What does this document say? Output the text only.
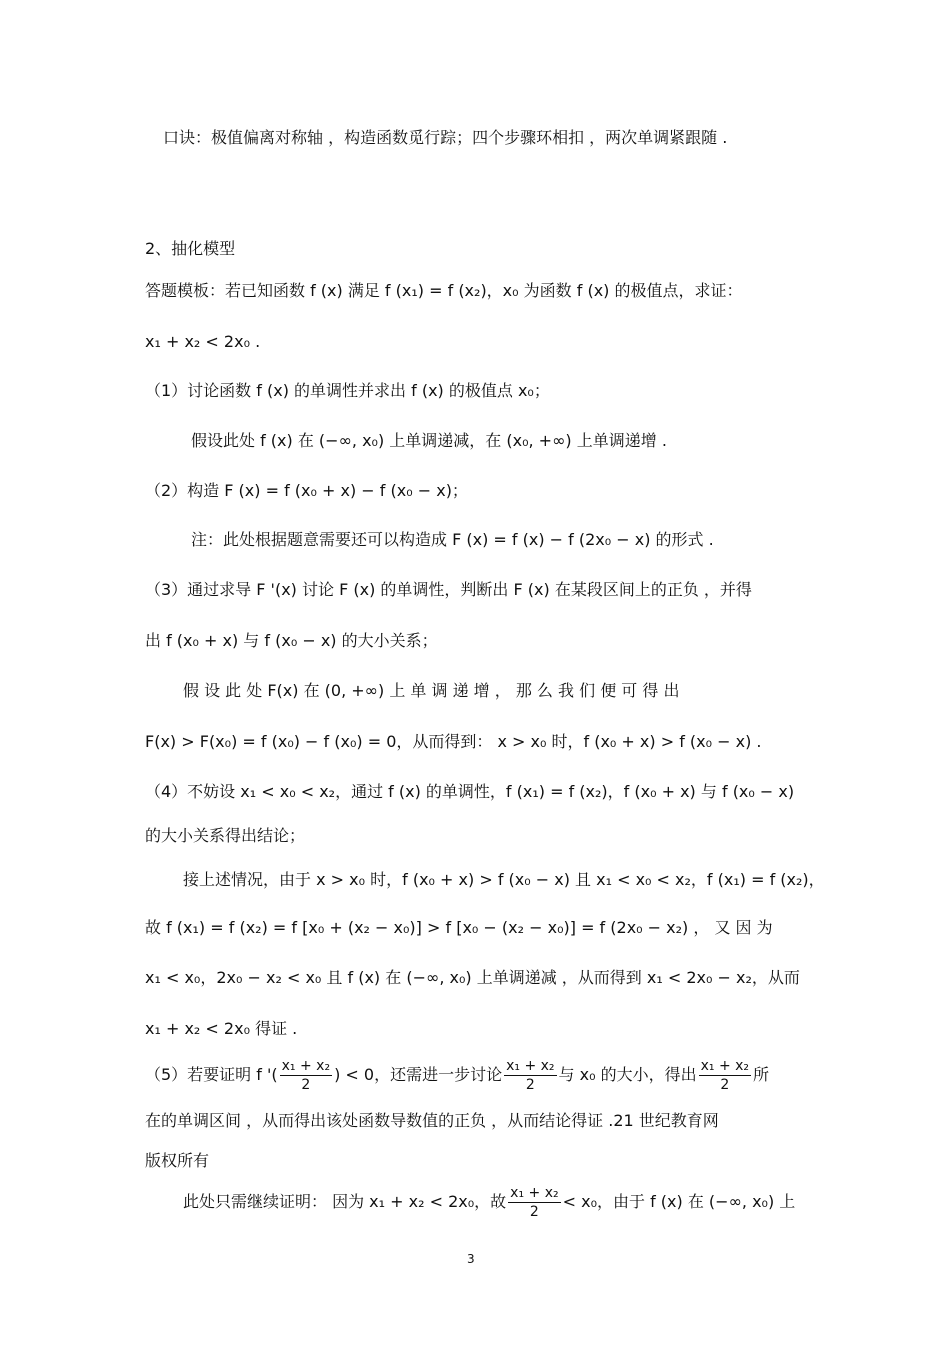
口诀：极值偏离对称轴 ，构造函数觅行踪；四个步骤环相扣 ，两次单调紧跟随 .
2、抽化模型
答题模板：若已知函数 f (x) 满足 f (x₁) = f (x₂)，x₀ 为函数 f (x) 的极值点，求证：
x₁ + x₂ < 2x₀ .
（1）讨论函数 f (x) 的单调性并求出 f (x) 的极值点 x₀；
假设此处 f (x) 在 (−∞, x₀) 上单调递减，在 (x₀, +∞) 上单调递增 .
（2）构造 F (x) = f (x₀ + x) − f (x₀ − x)；
注：此处根据题意需要还可以构造成 F (x) = f (x) − f (2x₀ − x) 的形式 .
（3）通过求导 F '(x) 讨论 F (x) 的单调性，判断出 F (x) 在某段区间上的正负 ，并得
出 f (x₀ + x) 与 f (x₀ − x) 的大小关系；
假 设 此 处 F(x) 在 (0, +∞) 上 单 调 递 增 ， 那 么 我 们 便 可 得 出
F(x) > F(x₀) = f (x₀) − f (x₀) = 0，从而得到： x > x₀ 时，f (x₀ + x) > f (x₀ − x) .
（4）不妨设 x₁ < x₀ < x₂，通过 f (x) 的单调性，f (x₁) = f (x₂)，f (x₀ + x) 与 f (x₀ − x)
的大小关系得出结论；
接上述情况，由于 x > x₀ 时，f (x₀ + x) > f (x₀ − x) 且 x₁ < x₀ < x₂，f (x₁) = f (x₂)，
故 f (x₁) = f (x₂) = f [x₀ + (x₂ − x₀)] > f [x₀ − (x₂ − x₀)] = f (2x₀ − x₂) ， 又 因 为
x₁ < x₀，2x₀ − x₂ < x₀ 且 f (x) 在 (−∞, x₀) 上单调递减 ，从而得到 x₁ < 2x₀ − x₂，从而
x₁ + x₂ < 2x₀ 得证 .
（5）若要证明 f '( $\frac{\text{x₁ + x₂}}{2}$ ) < 0，还需进一步讨论 $\frac{\text{x₁ + x₂}}{2}$ 与 x₀ 的大小，得出 $\frac{\text{x₁ + x₂}}{2}$ 所
在的单调区间 ，从而得出该处函数导数值的正负 ，从而结论得证 .21 世纪教育网
版权所有
此处只需继续证明： 因为 x₁ + x₂ < 2x₀，故 $\frac{\text{x₁ + x₂}}{2} < x_0$，由于 f (x) 在 (−∞, x₀) 上
3
